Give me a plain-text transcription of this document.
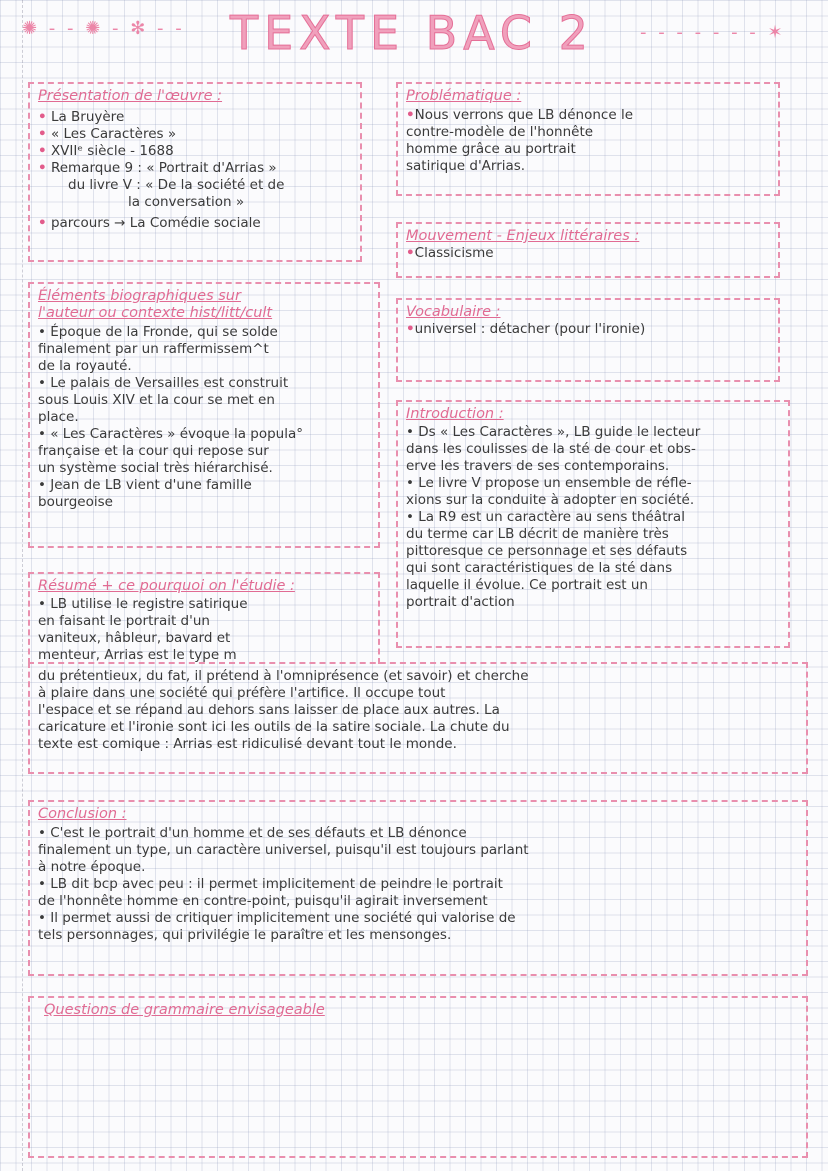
✺ - - ✺ - ✻ - -	- - - - - - - ✶
TEXTE BAC 2
Présentation de l'œuvre :
• La Bruyère
• « Les Caractères »
• XVIIᵉ siècle - 1688
• Remarque 9 : « Portrait d'Arrias »
du livre V : « De la société et de
la conversation »
• parcours → La Comédie sociale
Problématique :
•Nous verrons que LB dénonce le
contre-modèle de l'honnête
homme grâce au portrait
satirique d'Arrias.
Mouvement - Enjeux littéraires :
•Classicisme
Éléments biographiques sur
l'auteur ou contexte hist/litt/cult
• Époque de la Fronde, qui se solde
finalement par un raffermissem^t
de la royauté.
• Le palais de Versailles est construit
sous Louis XIV et la cour se met en
place.
• « Les Caractères » évoque la popula°
française et la cour qui repose sur
un système social très hiérarchisé.
• Jean de LB vient d'une famille
bourgeoise
Vocabulaire :
•universel : détacher (pour l'ironie)
Introduction :
• Ds « Les Caractères », LB guide le lecteur
dans les coulisses de la sté de cour et obs-
erve les travers de ses contemporains.
• Le livre V propose un ensemble de réfle-
xions sur la conduite à adopter en société.
• La R9 est un caractère au sens théâtral
du terme car LB décrit de manière très
pittoresque ce personnage et ses défauts
qui sont caractéristiques de la sté dans
laquelle il évolue. Ce portrait est un
portrait d'action
Résumé + ce pourquoi on l'étudie :
• LB utilise le registre satirique
en faisant le portrait d'un
vaniteux, hâbleur, bavard et
menteur, Arrias est le type m
du prétentieux, du fat, il prétend à l'omniprésence (et savoir) et cherche
à plaire dans une société qui préfère l'artifice. Il occupe tout
l'espace et se répand au dehors sans laisser de place aux autres. La
caricature et l'ironie sont ici les outils de la satire sociale. La chute du
texte est comique : Arrias est ridiculisé devant tout le monde.
Conclusion :
• C'est le portrait d'un homme et de ses défauts et LB dénonce
finalement un type, un caractère universel, puisqu'il est toujours parlant
à notre époque.
• LB dit bcp avec peu : il permet implicitement de peindre le portrait
de l'honnête homme en contre-point, puisqu'il agirait inversement
• Il permet aussi de critiquer implicitement une société qui valorise de
tels personnages, qui privilégie le paraître et les mensonges.
Questions de grammaire envisageable
